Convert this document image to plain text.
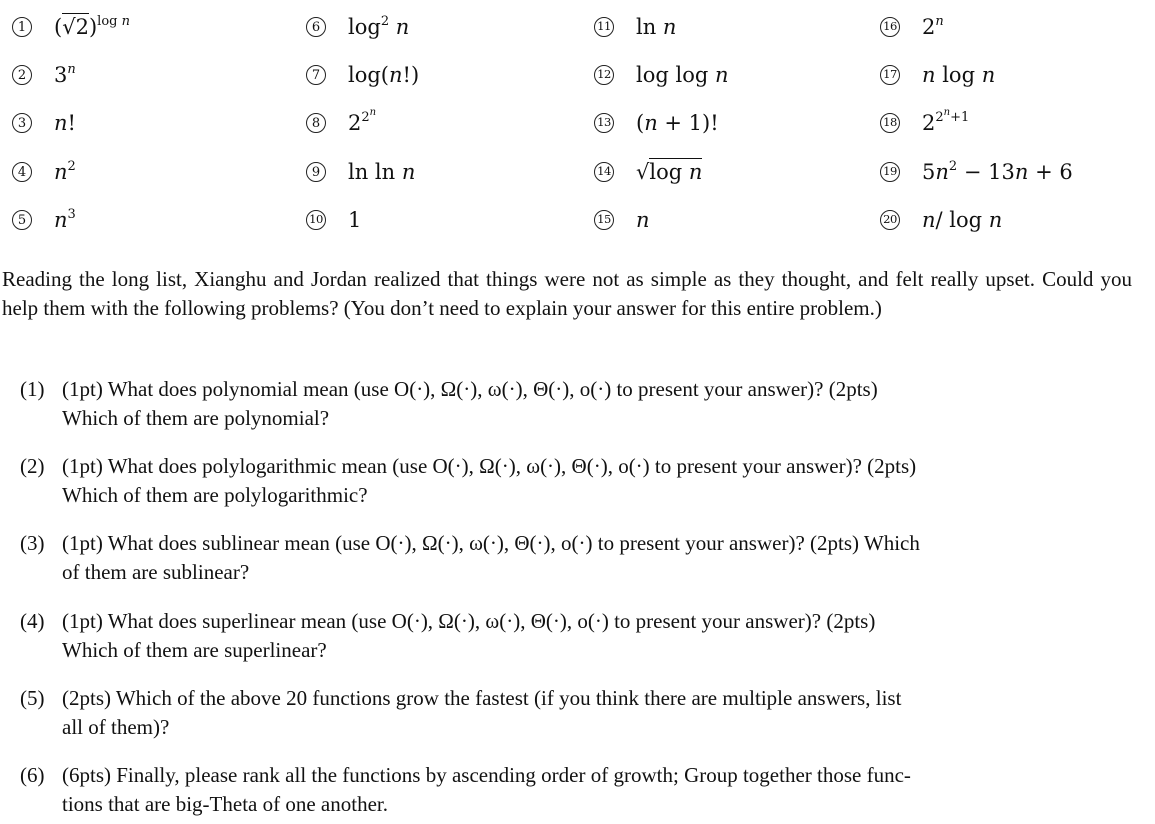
1 $(√2)^{log n}$
2 3$^n$
3 n!
4 $n^2$
5 $n^3$
6 $\log^2 n$
7 log(n!)
8 $2^{2^n}$
9 ln ln n
10 1
11 ln n
12 log log n
13 (n + 1)!
14 √log n
15 n
16 2$^n$
17 n log n
18 $2^{2^n+1}$
19 $5n^2 - 13n + 6$
20 n/ log n
Reading the long list, Xianghu and Jordan realized that things were not as simple as they thought, and felt really upset. Could you help them with the following problems? (You don’t need to explain your answer for this entire problem.)
(1) (1pt) What does polynomial mean (use O(·), Ω(·), ω(·), Θ(·), o(·) to present your answer)? (2pts)
Which of them are polynomial?
(2) (1pt) What does polylogarithmic mean (use O(·), Ω(·), ω(·), Θ(·), o(·) to present your answer)? (2pts)
Which of them are polylogarithmic?
(3) (1pt) What does sublinear mean (use O(·), Ω(·), ω(·), Θ(·), o(·) to present your answer)? (2pts) Which
of them are sublinear?
(4) (1pt) What does superlinear mean (use O(·), Ω(·), ω(·), Θ(·), o(·) to present your answer)? (2pts)
Which of them are superlinear?
(5) (2pts) Which of the above 20 functions grow the fastest (if you think there are multiple answers, list
all of them)?
(6) (6pts) Finally, please rank all the functions by ascending order of growth; Group together those func-
tions that are big-Theta of one another.
